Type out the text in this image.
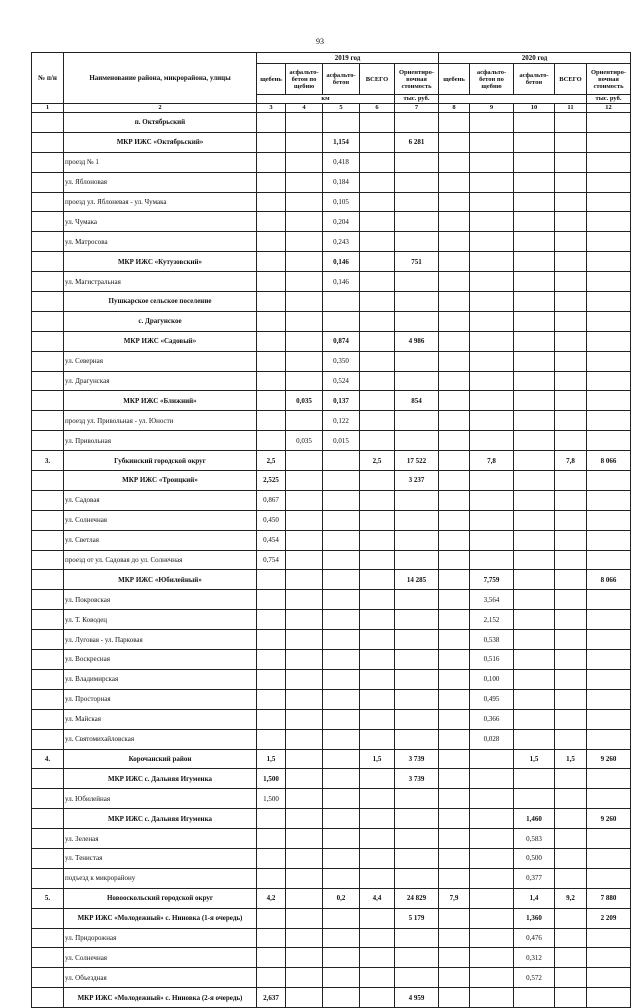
93
№ п/н	Наименование района, микрорайона, улицы	2019 год					2020 год				
		щебень	асфальто-бетон по щебню	асфальто-бетон	ВСЕГО	Ориентиро-вочная стоимость	щебень	асфальто-бетон по щебню	асфальто-бетон	ВСЕГО	Ориентиро-вочная стоимость
		км				тыс. руб.					тыс. руб.
1	2	3	4	5	6	7	8	9	10	11	12
	п. Октябрьский										
	МКР ИЖС «Октябрьский»			1,154		6 281					
	проезд № 1			0,418							
	ул. Яблоновая			0,184							
	проезд ул. Яблоневая - ул. Чумака			0,105							
	ул. Чумака			0,204							
	ул. Матросова			0,243							
	МКР ИЖС «Кутузовский»			0,146		751					
	ул. Магистральная			0,146							
	Пушкарское сельское поселение										
	с. Драгунское										
	МКР ИЖС «Садовый»			0,874		4 986					
	ул. Северная			0,350							
	ул. Драгунская			0,524							
	МКР ИЖС «Ближний»		0,035	0,137		854					
	проезд ул. Привольная - ул. Юности			0,122							
	ул. Привольная		0,035	0,015							
3.	Губкинский городской округ	2,5			2,5	17 522		7,8		7,8	8 066
	МКР ИЖС «Троицкий»	2,525				3 237					
	ул. Садовая	0,867									
	ул. Солнечная	0,450									
	ул. Светлая	0,454									
	проезд от ул. Садовая до ул. Солнечная	0,754									
	МКР ИЖС «Юбилейный»					14 285		7,759			8 066
	ул. Покровская							3,564			
	ул. Т. Ководец							2,152			
	ул. Луговая - ул. Парковая							0,538			
	ул. Воскресная							0,516			
	ул. Владимирская							0,100			
	ул. Просторная							0,495			
	ул. Майская							0,366			
	ул. Святомихайловская							0,028			
4.	Корочанский район	1,5			1,5	3 739			1,5	1,5	9 260
	МКР ИЖС с. Дальняя Игуменка	1,500				3 739					
	ул. Юбилейная	1,500									
	МКР ИЖС с. Дальняя Игуменка								1,460		9 260
	ул. Зеленая								0,583		
	ул. Тенистая								0,500		
	подъезд к микрорайону								0,377		
5.	Новооскольский городской округ	4,2		0,2	4,4	24 829	7,9		1,4	9,2	7 880
	МКР ИЖС «Молодежный» с. Ниновка (1-я очередь)					5 179			1,360		2 209
	ул. Придорожная								0,476		
	ул. Солнечная								0,312		
	ул. Объездная								0,572		
	МКР ИЖС «Молодежный» с. Ниновка (2-я очередь)	2,637				4 959					
